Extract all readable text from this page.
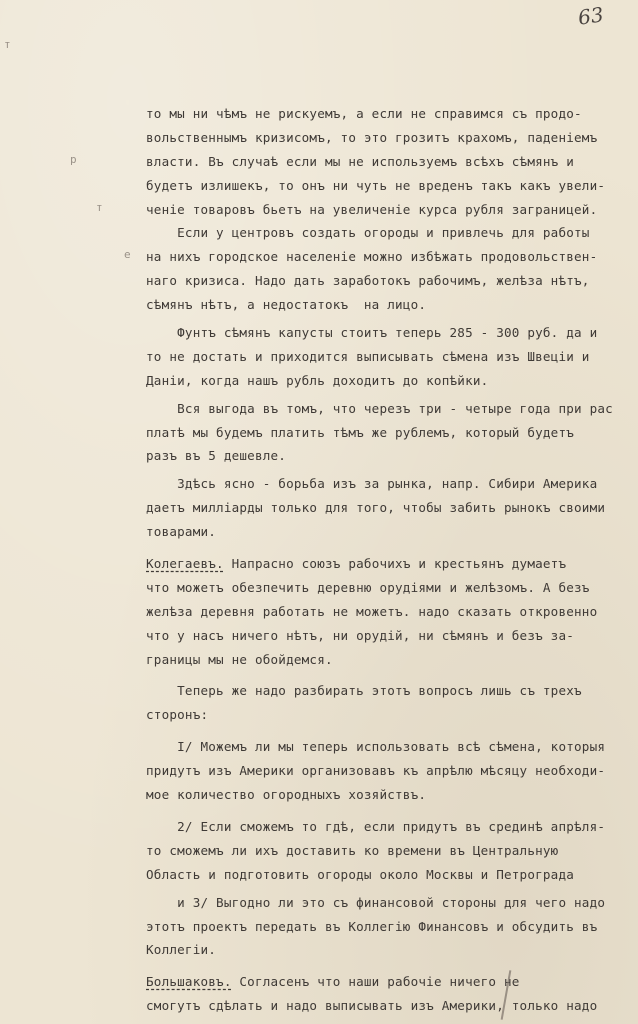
63
т
р
т
е
то мы ни чѣмъ не рискуемъ, а если не справимся съ продо-
вольственнымъ кризисомъ, то это грозитъ крахомъ, паденіемъ
власти. Въ случаѣ если мы не используемъ всѣхъ сѣмянъ и
будетъ излишекъ, то онъ ни чуть не вреденъ такъ какъ увели-
ченіе товаровъ бьетъ на увеличеніе курса рубля заграницей.
Если у центровъ создать огороды и привлечь для работы
на нихъ городское населеніе можно избѣжать продовольствен-
наго кризиса. Надо дать заработокъ рабочимъ, желѣза нѣтъ,
сѣмянъ нѣтъ, а недостатокъ  на лицо.
Фунтъ сѣмянъ капусты стоитъ теперь 285 - 300 руб. да и
то не достать и приходится выписывать сѣмена изъ Швеціи и
Даніи, когда нашъ рубль доходитъ до копѣйки.
Вся выгода въ томъ, что черезъ три - четыре года при рас
платѣ мы будемъ платить тѣмъ же рублемъ, который будетъ
разъ въ 5 дешевле.
Здѣсь ясно - борьба изъ за рынка, напр. Сибири Америка
даетъ милліарды только для того, чтобы забить рынокъ своими
товарами.
Колегаевъ. Напрасно союзъ рабочихъ и крестьянъ думаетъ
что можетъ обезпечить деревню орудіями и желѣзомъ. А безъ
желѣза деревня работать не можетъ. надо сказать откровенно
что у насъ ничего нѣтъ, ни орудій, ни сѣмянъ и безъ за-
границы мы не обойдемся.
Теперь же надо разбирать этотъ вопросъ лишь съ трехъ
сторонъ:
I/ Можемъ ли мы теперь использовать всѣ сѣмена, которыя
придутъ изъ Америки организовавъ къ апрѣлю мѣсяцу необходи-
мое количество огородныхъ хозяйствъ.
2/ Если сможемъ то гдѣ, если придутъ въ срединѣ апрѣля-
то сможемъ ли ихъ доставить ко времени въ Центральную
Область и подготовить огороды около Москвы и Петрограда
и 3/ Выгодно ли это съ финансовой стороны для чего надо
этотъ проектъ передать въ Коллегію Финансовъ и обсудить въ
Коллегіи.
Большаковъ. Согласенъ что наши рабочіе ничего не
смогутъ сдѣлать и надо выписывать изъ Америки, только надо
